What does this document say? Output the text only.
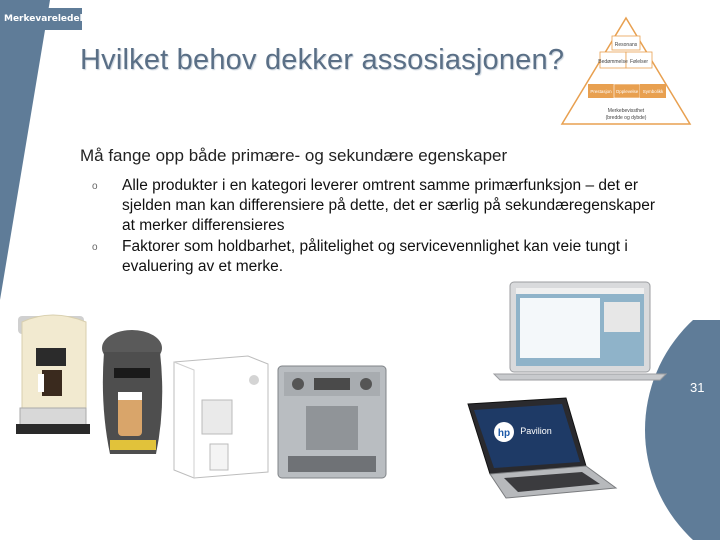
Merkevareledelse
Hvilket behov dekker assosiasjonen?	Resonans
Bedømmelse Følelser
Prestasjon Opplevelse Symbolikk
Merkebevissthet
(bredde og dybde)

Må fange opp både primære- og sekundære egenskaper

o Alle produkter i en kategori leverer omtrent samme primærfunksjon – det er sjelden man kan differensiere på dette, det er særlig på sekundæregenskaper at merker differensieres
o Faktorer som holdbarhet, pålitelighet og servicevennlighet kan veie tungt i evaluering av et merke.
31
hp Pavilion
